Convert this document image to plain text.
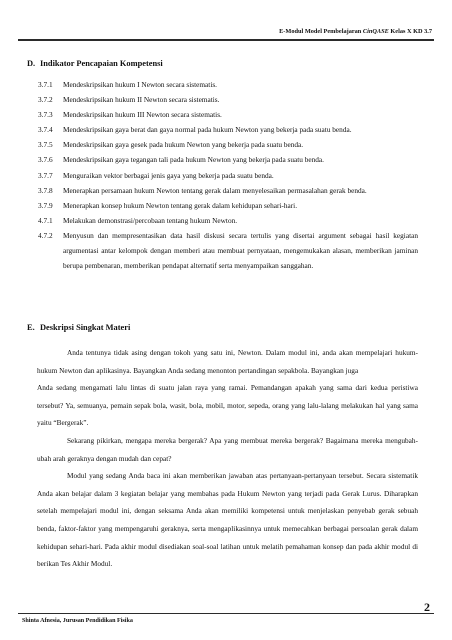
E-Modul Model Pembelajaran CinQASE Kelas X KD 3.7
D. Indikator Pencapaian Kompetensi
3.7.1	Mendeskripsikan hukum I Newton secara sistematis.
3.7.2	Mendeskripsikan hukum II Newton secara sistematis.
3.7.3	Mendeskripsikan hukum III Newton secara sistematis.
3.7.4	Mendeskripsikan gaya berat dan gaya normal pada hukum Newton yang bekerja pada suatu benda.
3.7.5	Mendeskripsikan gaya gesek pada hukum Newton yang bekerja pada suatu benda.
3.7.6	Mendeskripsikan gaya tegangan tali pada hukum Newton yang bekerja pada suatu benda.
3.7.7	Menguraikan vektor berbagai jenis gaya yang bekerja pada suatu benda.
3.7.8	Menerapkan persamaan hukum Newton tentang gerak dalam menyelesaikan permasalahan gerak benda.
3.7.9	Menerapkan konsep hukum Newton tentang gerak dalam kehidupan sehari-hari.
4.7.1	Melakukan demonstrasi/percobaan tentang hukum Newton.
4.7.2	Menyusun dan mempresentasikan data hasil diskusi secara tertulis yang disertai argument sebagai hasil kegiatan argumentasi antar kelompok dengan memberi atau membuat pernyataan, mengemukakan alasan, memberikan jaminan berupa pembenaran, memberikan pendapat alternatif serta menyampaikan sanggahan.
E. Deskripsi Singkat Materi

Anda tentunya tidak asing dengan tokoh yang satu ini, Newton. Dalam modul ini, anda akan mempelajari hukum-hukum Newton dan aplikasinya. Bayangkan Anda sedang menonton pertandingan sepakbola. Bayangkan juga

Anda sedang mengamati lalu lintas di suatu jalan raya yang ramai. Pemandangan apakah yang sama dari kedua peristiwa tersebut? Ya, semuanya, pemain sepak bola, wasit, bola, mobil, motor, sepeda, orang yang lalu-lalang melakukan hal yang sama yaitu “Bergerak”.

Sekarang pikirkan, mengapa mereka bergerak? Apa yang membuat mereka bergerak? Bagaimana mereka mengubah-ubah arah geraknya dengan mudah dan cepat?

Modul yang sedang Anda baca ini akan memberikan jawaban atas pertanyaan-pertanyaan tersebut. Secara sistematik Anda akan belajar dalam 3 kegiatan belajar yang membahas pada Hukum Newton yang terjadi pada Gerak Lurus. Diharapkan setelah mempelajari modul ini, dengan seksama Anda akan memiliki kompetensi untuk menjelaskan penyebab gerak sebuah benda, faktor-faktor yang mempengaruhi geraknya, serta mengaplikasinnya untuk memecahkan berbagai persoalan gerak dalam kehidupan sehari-hari. Pada akhir modul disediakan soal-soal latihan untuk melatih pemahaman konsep dan pada akhir modul di berikan Tes Akhir Modul.

Shinta Afnesia, Jurusan Pendidikan Fisika
2
